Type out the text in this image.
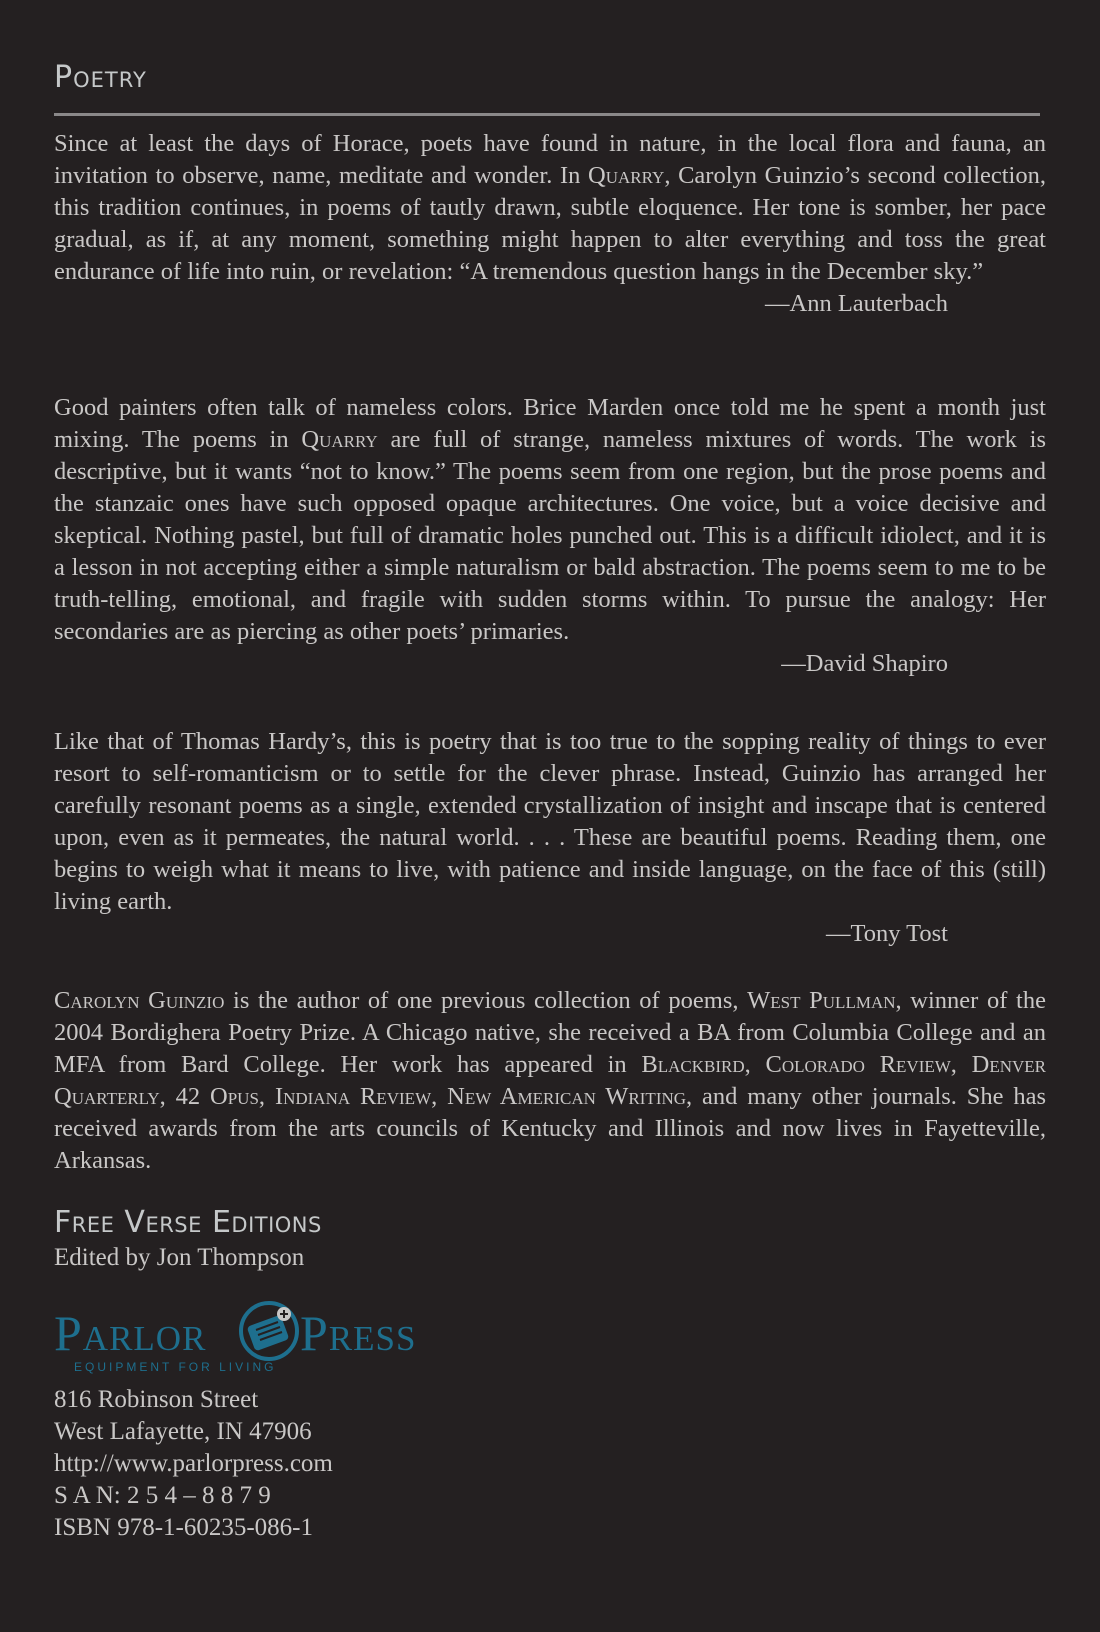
Poetry

Since at least the days of Horace, poets have found in nature, in the local flora and fauna, an invitation to observe, name, meditate and wonder. In Quarry, Carolyn Guinzio’s second collection, this tradition continues, in poems of tautly drawn, subtle eloquence. Her tone is somber, her pace gradual, as if, at any moment, something might happen to alter everything and toss the great endurance of life into ruin, or revelation: “A tremendous question hangs in the December sky.”

—Ann Lauterbach

Good painters often talk of nameless colors. Brice Marden once told me he spent a month just mixing. The poems in Quarry are full of strange, nameless mixtures of words. The work is descriptive, but it wants “not to know.” The poems seem from one region, but the prose poems and the stanzaic ones have such opposed opaque architectures. One voice, but a voice decisive and skeptical. Nothing pastel, but full of dramatic holes punched out. This is a difficult idiolect, and it is a lesson in not accepting either a simple naturalism or bald abstraction. The poems seem to me to be truth-telling, emotional, and fragile with sudden storms within. To pursue the analogy: Her secondaries are as piercing as other poets’ primaries.

—David Shapiro

Like that of Thomas Hardy’s, this is poetry that is too true to the sopping reality of things to ever resort to self-romanticism or to settle for the clever phrase. Instead, Guinzio has arranged her carefully resonant poems as a single, extended crystallization of insight and inscape that is centered upon, even as it permeates, the natural world. . . . These are beautiful poems. Reading them, one begins to weigh what it means to live, with patience and inside language, on the face of this (still) living earth.

—Tony Tost

Carolyn Guinzio is the author of one previous collection of poems, West Pullman, winner of the 2004 Bordighera Poetry Prize. A Chicago native, she received a BA from Columbia College and an MFA from Bard College. Her work has appeared in Blackbird, Colorado Review, Denver Quarterly, 42 Opus, Indiana Review, New American Writing, and many other journals. She has received awards from the arts councils of Kentucky and Illinois and now lives in Fayetteville, Arkansas.

Free Verse Editions
Edited by Jon Thompson
Parlor Press
EQUIPMENT FOR LIVING
816 Robinson Street
West Lafayette, IN 47906
http://www.parlorpress.com
S A N: 2 5 4 – 8 8 7 9
ISBN 978-1-60235-086-1
